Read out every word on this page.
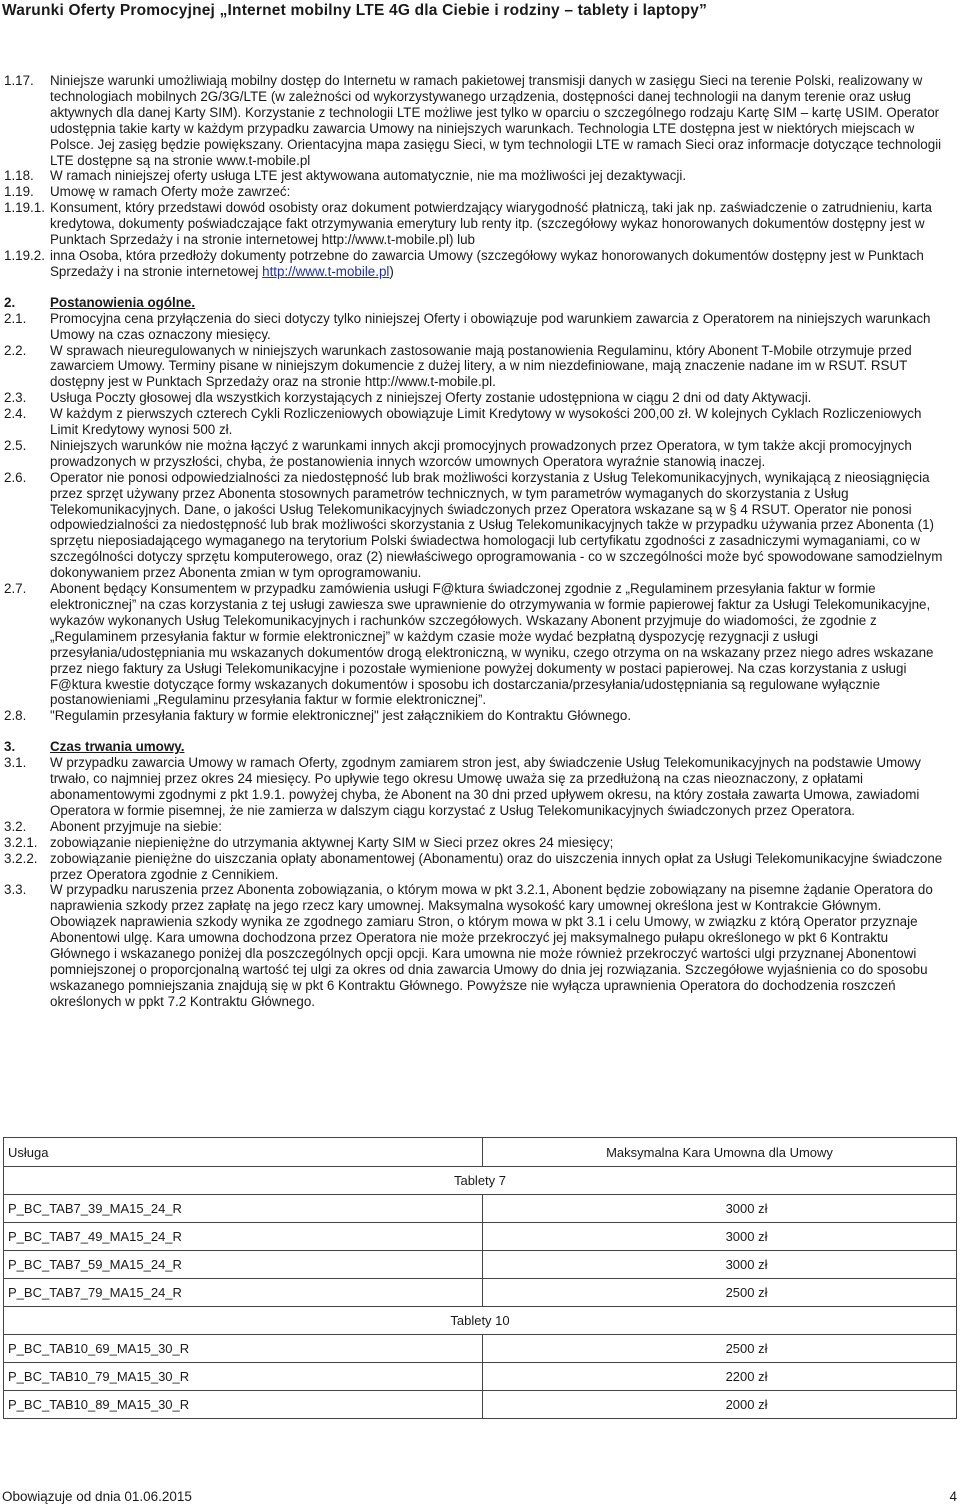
Warunki Oferty Promocyjnej „Internet mobilny LTE 4G dla Ciebie i rodziny – tablety i laptopy”
1.17.	Niniejsze warunki umożliwiają mobilny dostęp do Internetu w ramach pakietowej transmisji danych w zasięgu Sieci na terenie Polski, realizowany w technologiach mobilnych 2G/3G/LTE (w zależności od wykorzystywanego urządzenia, dostępności danej technologii na danym terenie oraz usług aktywnych dla danej Karty SIM). Korzystanie z technologii LTE możliwe jest tylko w oparciu o szczególnego rodzaju Kartę SIM – kartę USIM. Operator udostępnia takie karty w każdym przypadku zawarcia Umowy na niniejszych warunkach. Technologia LTE dostępna jest w niektórych miejscach w Polsce. Jej zasięg będzie powiększany. Orientacyjna mapa zasięgu Sieci, w tym technologii LTE w ramach Sieci oraz informacje dotyczące technologii LTE dostępne są na stronie www.t-mobile.pl
1.18.	W ramach niniejszej oferty usługa LTE jest aktywowana automatycznie, nie ma możliwości jej dezaktywacji.
1.19.	Umowę w ramach Oferty może zawrzeć:
1.19.1. Konsument, który przedstawi dowód osobisty oraz dokument potwierdzający wiarygodność płatniczą, taki jak np. zaświadczenie o zatrudnieniu, karta kredytowa, dokumenty poświadczające fakt otrzymywania emerytury lub renty itp. (szczegółowy wykaz honorowanych dokumentów dostępny jest w Punktach Sprzedaży i na stronie internetowej http://www.t-mobile.pl) lub
1.19.2. inna Osoba, która przedłoży dokumenty potrzebne do zawarcia Umowy (szczegółowy wykaz honorowanych dokumentów dostępny jest w Punktach Sprzedaży i na stronie internetowej http://www.t-mobile.pl)
2.	Postanowienia ogólne.
2.1.	Promocyjna cena przyłączenia do sieci dotyczy tylko niniejszej Oferty i obowiązuje pod warunkiem zawarcia z Operatorem na niniejszych warunkach Umowy na czas oznaczony miesięcy.
2.2.	W sprawach nieuregulowanych w niniejszych warunkach zastosowanie mają postanowienia Regulaminu, który Abonent T-Mobile otrzymuje przed zawarciem Umowy. Terminy pisane w niniejszym dokumencie z dużej litery, a w nim niezdefiniowane, mają znaczenie nadane im w RSUT. RSUT dostępny jest w Punktach Sprzedaży oraz na stronie http://www.t-mobile.pl.
2.3.	Usługa Poczty głosowej dla wszystkich korzystających z niniejszej Oferty zostanie udostępniona w ciągu 2 dni od daty Aktywacji.
2.4.	W każdym z pierwszych czterech Cykli Rozliczeniowych obowiązuje Limit Kredytowy w wysokości 200,00 zł. W kolejnych Cyklach Rozliczeniowych Limit Kredytowy wynosi 500 zł.
2.5.	Niniejszych warunków nie można łączyć z warunkami innych akcji promocyjnych prowadzonych przez Operatora, w tym także akcji promocyjnych prowadzonych w przyszłości, chyba, że postanowienia innych wzorców umownych Operatora wyraźnie stanowią inaczej.
2.6.	Operator nie ponosi odpowiedzialności za niedostępność lub brak możliwości korzystania z Usług Telekomunikacyjnych, wynikającą z nieosiągnięcia przez sprzęt używany przez Abonenta stosownych parametrów technicznych, w tym parametrów wymaganych do skorzystania z Usług Telekomunikacyjnych. Dane, o jakości Usług Telekomunikacyjnych świadczonych przez Operatora wskazane są w § 4 RSUT. Operator nie ponosi odpowiedzialności za niedostępność lub brak możliwości skorzystania z Usług Telekomunikacyjnych także w przypadku używania przez Abonenta (1) sprzętu nieposiadającego wymaganego na terytorium Polski świadectwa homologacji lub certyfikatu zgodności z zasadniczymi wymaganiami, co w szczególności dotyczy sprzętu komputerowego, oraz (2) niewłaściwego oprogramowania - co w szczególności może być spowodowane samodzielnym dokonywaniem przez Abonenta zmian w tym oprogramowaniu.
2.7.	Abonent będący Konsumentem w przypadku zamówienia usługi F@ktura świadczonej zgodnie z „Regulaminem przesyłania faktur w formie elektronicznej” na czas korzystania z tej usługi zawiesza swe uprawnienie do otrzymywania w formie papierowej faktur za Usługi Telekomunikacyjne, wykazów wykonanych Usług Telekomunikacyjnych i rachunków szczegółowych. Wskazany Abonent przyjmuje do wiadomości, że zgodnie z „Regulaminem przesyłania faktur w formie elektronicznej” w każdym czasie może wydać bezpłatną dyspozycję rezygnacji z usługi przesyłania/udostępniania mu wskazanych dokumentów drogą elektroniczną, w wyniku, czego otrzyma on na wskazany przez niego adres wskazane przez niego faktury za Usługi Telekomunikacyjne i pozostałe wymienione powyżej dokumenty w postaci papierowej. Na czas korzystania z usługi F@ktura kwestie dotyczące formy wskazanych dokumentów i sposobu ich dostarczania/przesyłania/udostępniania są regulowane wyłącznie postanowieniami „Regulaminu przesyłania faktur w formie elektronicznej”.
2.8.	"Regulamin przesyłania faktury w formie elektronicznej" jest załącznikiem do Kontraktu Głównego.
3.	Czas trwania umowy.
3.1.	W przypadku zawarcia Umowy w ramach Oferty, zgodnym zamiarem stron jest, aby świadczenie Usług Telekomunikacyjnych na podstawie Umowy trwało, co najmniej przez okres 24 miesięcy. Po upływie tego okresu Umowę uważa się za przedłużoną na czas nieoznaczony, z opłatami abonamentowymi zgodnymi z pkt 1.9.1. powyżej chyba, że Abonent na 30 dni przed upływem okresu, na który została zawarta Umowa, zawiadomi Operatora w formie pisemnej, że nie zamierza w dalszym ciągu korzystać z Usług Telekomunikacyjnych świadczonych przez Operatora.
3.2.	Abonent przyjmuje na siebie:
3.2.1. zobowiązanie niepieniężne do utrzymania aktywnej Karty SIM w Sieci przez okres 24 miesięcy;
3.2.2. zobowiązanie pieniężne do uiszczania opłaty abonamentowej (Abonamentu) oraz do uiszczenia innych opłat za Usługi Telekomunikacyjne świadczone przez Operatora zgodnie z Cennikiem.
3.3.	W przypadku naruszenia przez Abonenta zobowiązania, o którym mowa w pkt 3.2.1, Abonent będzie zobowiązany na pisemne żądanie Operatora do naprawienia szkody przez zapłatę na jego rzecz kary umownej. Maksymalna wysokość kary umownej określona jest w Kontrakcie Głównym. Obowiązek naprawienia szkody wynika ze zgodnego zamiaru Stron, o którym mowa w pkt 3.1 i celu Umowy, w związku z którą Operator przyznaje Abonentowi ulgę. Kara umowna dochodzona przez Operatora nie może przekroczyć jej maksymalnego pułapu określonego w pkt 6 Kontraktu Głównego i wskazanego poniżej dla poszczególnych opcji opcji. Kara umowna nie może również przekroczyć wartości ulgi przyznanej Abonentowi pomniejszonej o proporcjonalną wartość tej ulgi za okres od dnia zawarcia Umowy do dnia jej rozwiązania. Szczegółowe wyjaśnienia co do sposobu wskazanego pomniejszania znajdują się w pkt 6 Kontraktu Głównego. Powyższe nie wyłącza uprawnienia Operatora do dochodzenia roszczeń określonych w ppkt 7.2 Kontraktu Głównego.
Usługa	Maksymalna Kara Umowna dla Umowy
Tablety 7	
P_BC_TAB7_39_MA15_24_R	3000 zł
P_BC_TAB7_49_MA15_24_R	3000 zł
P_BC_TAB7_59_MA15_24_R	3000 zł
P_BC_TAB7_79_MA15_24_R	2500 zł
Tablety 10	
P_BC_TAB10_69_MA15_30_R	2500 zł
P_BC_TAB10_79_MA15_30_R	2200 zł
P_BC_TAB10_89_MA15_30_R	2000 zł
Obowiązuje od dnia 01.06.2015	4
